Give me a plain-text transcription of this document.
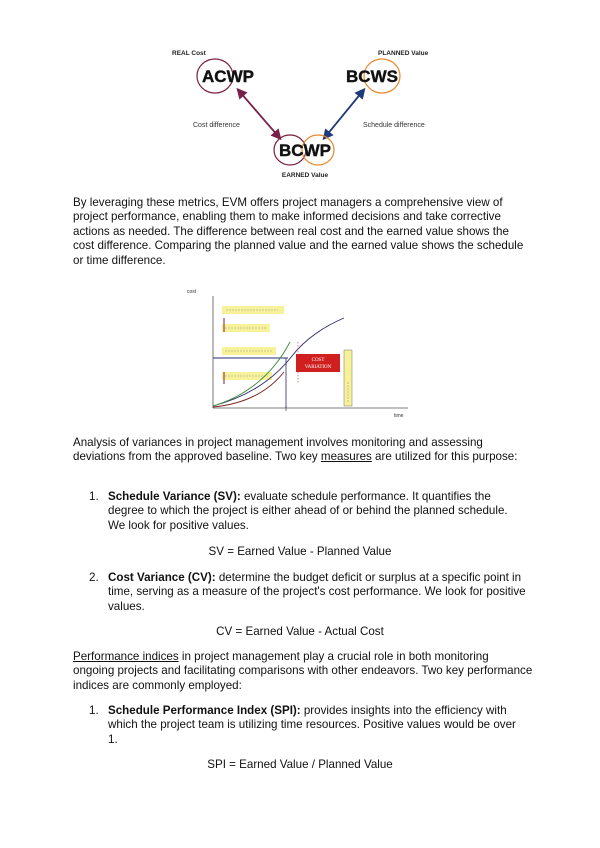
REAL Cost
ACWP
PLANNED Value
BCWS
Cost difference	Schedule difference
BCWP
EARNED Value
By leveraging these metrics, EVM offers project managers a comprehensive view of project performance, enabling them to make informed decisions and take corrective actions as needed. The difference between real cost and the earned value shows the cost difference. Comparing the planned value and the earned value shows the schedule or time difference.
cost
time
COST
VARIATION
Analysis of variances in project management involves monitoring and assessing deviations from the approved baseline. Two key measures are utilized for this purpose:
1. Schedule Variance (SV): evaluate schedule performance. It quantifies the degree to which the project is either ahead of or behind the planned schedule. We look for positive values.
SV = Earned Value - Planned Value
2. Cost Variance (CV): determine the budget deficit or surplus at a specific point in time, serving as a measure of the project's cost performance. We look for positive values.
CV = Earned Value - Actual Cost
Performance indices in project management play a crucial role in both monitoring ongoing projects and facilitating comparisons with other endeavors. Two key performance indices are commonly employed:
1. Schedule Performance Index (SPI): provides insights into the efficiency with which the project team is utilizing time resources. Positive values would be over 1.
SPI = Earned Value / Planned Value
